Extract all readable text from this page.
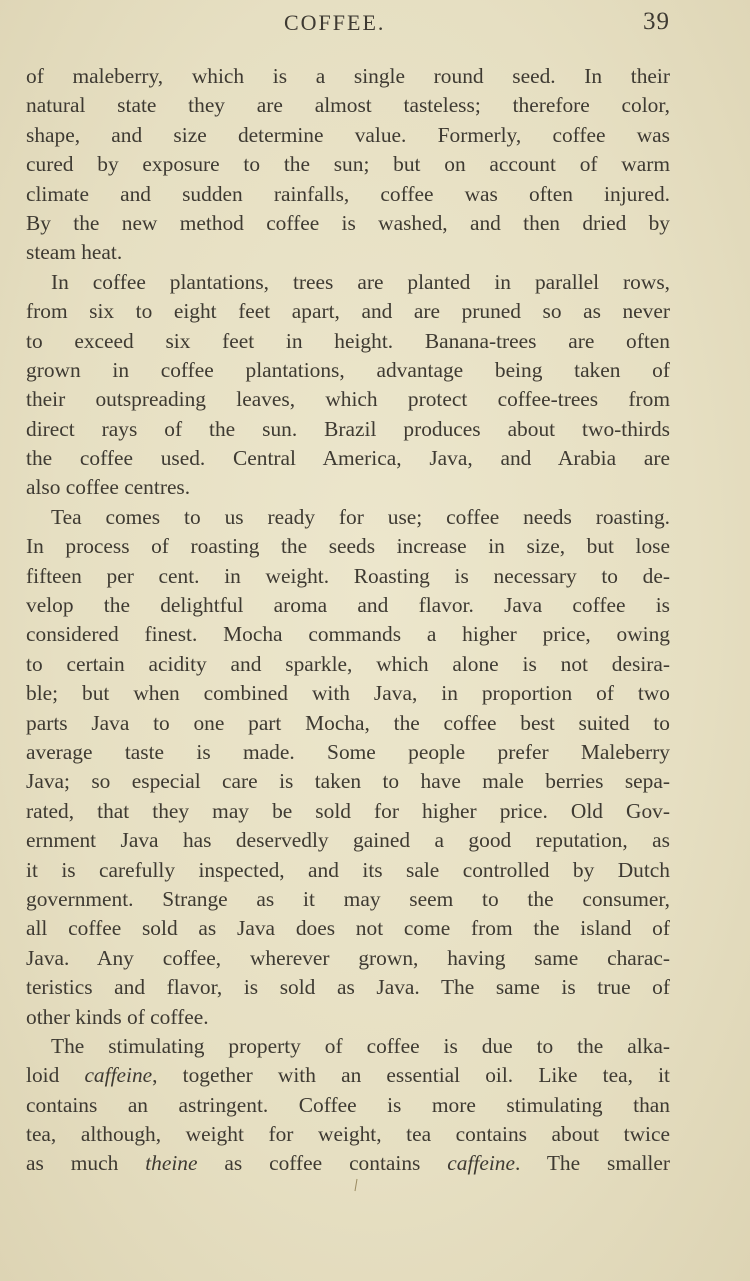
COFFEE.	39
of maleberry, which is a single round seed. In their
natural state they are almost tasteless; therefore color,
shape, and size determine value. Formerly, coffee was
cured by exposure to the sun; but on account of warm
climate and sudden rainfalls, coffee was often injured.
By the new method coffee is washed, and then dried by
steam heat.
In coffee plantations, trees are planted in parallel rows,
from six to eight feet apart, and are pruned so as never
to exceed six feet in height. Banana-trees are often
grown in coffee plantations, advantage being taken of
their outspreading leaves, which protect coffee-trees from
direct rays of the sun. Brazil produces about two-thirds
the coffee used. Central America, Java, and Arabia are
also coffee centres.
Tea comes to us ready for use; coffee needs roasting.
In process of roasting the seeds increase in size, but lose
fifteen per cent. in weight. Roasting is necessary to de-
velop the delightful aroma and flavor. Java coffee is
considered finest. Mocha commands a higher price, owing
to certain acidity and sparkle, which alone is not desira-
ble; but when combined with Java, in proportion of two
parts Java to one part Mocha, the coffee best suited to
average taste is made. Some people prefer Maleberry
Java; so especial care is taken to have male berries sepa-
rated, that they may be sold for higher price. Old Gov-
ernment Java has deservedly gained a good reputation, as
it is carefully inspected, and its sale controlled by Dutch
government. Strange as it may seem to the consumer,
all coffee sold as Java does not come from the island of
Java. Any coffee, wherever grown, having same charac-
teristics and flavor, is sold as Java. The same is true of
other kinds of coffee.
The stimulating property of coffee is due to the alka-
loid caffeine, together with an essential oil. Like tea, it
contains an astringent. Coffee is more stimulating than
tea, although, weight for weight, tea contains about twice
as much theine as coffee contains caffeine. The smaller
